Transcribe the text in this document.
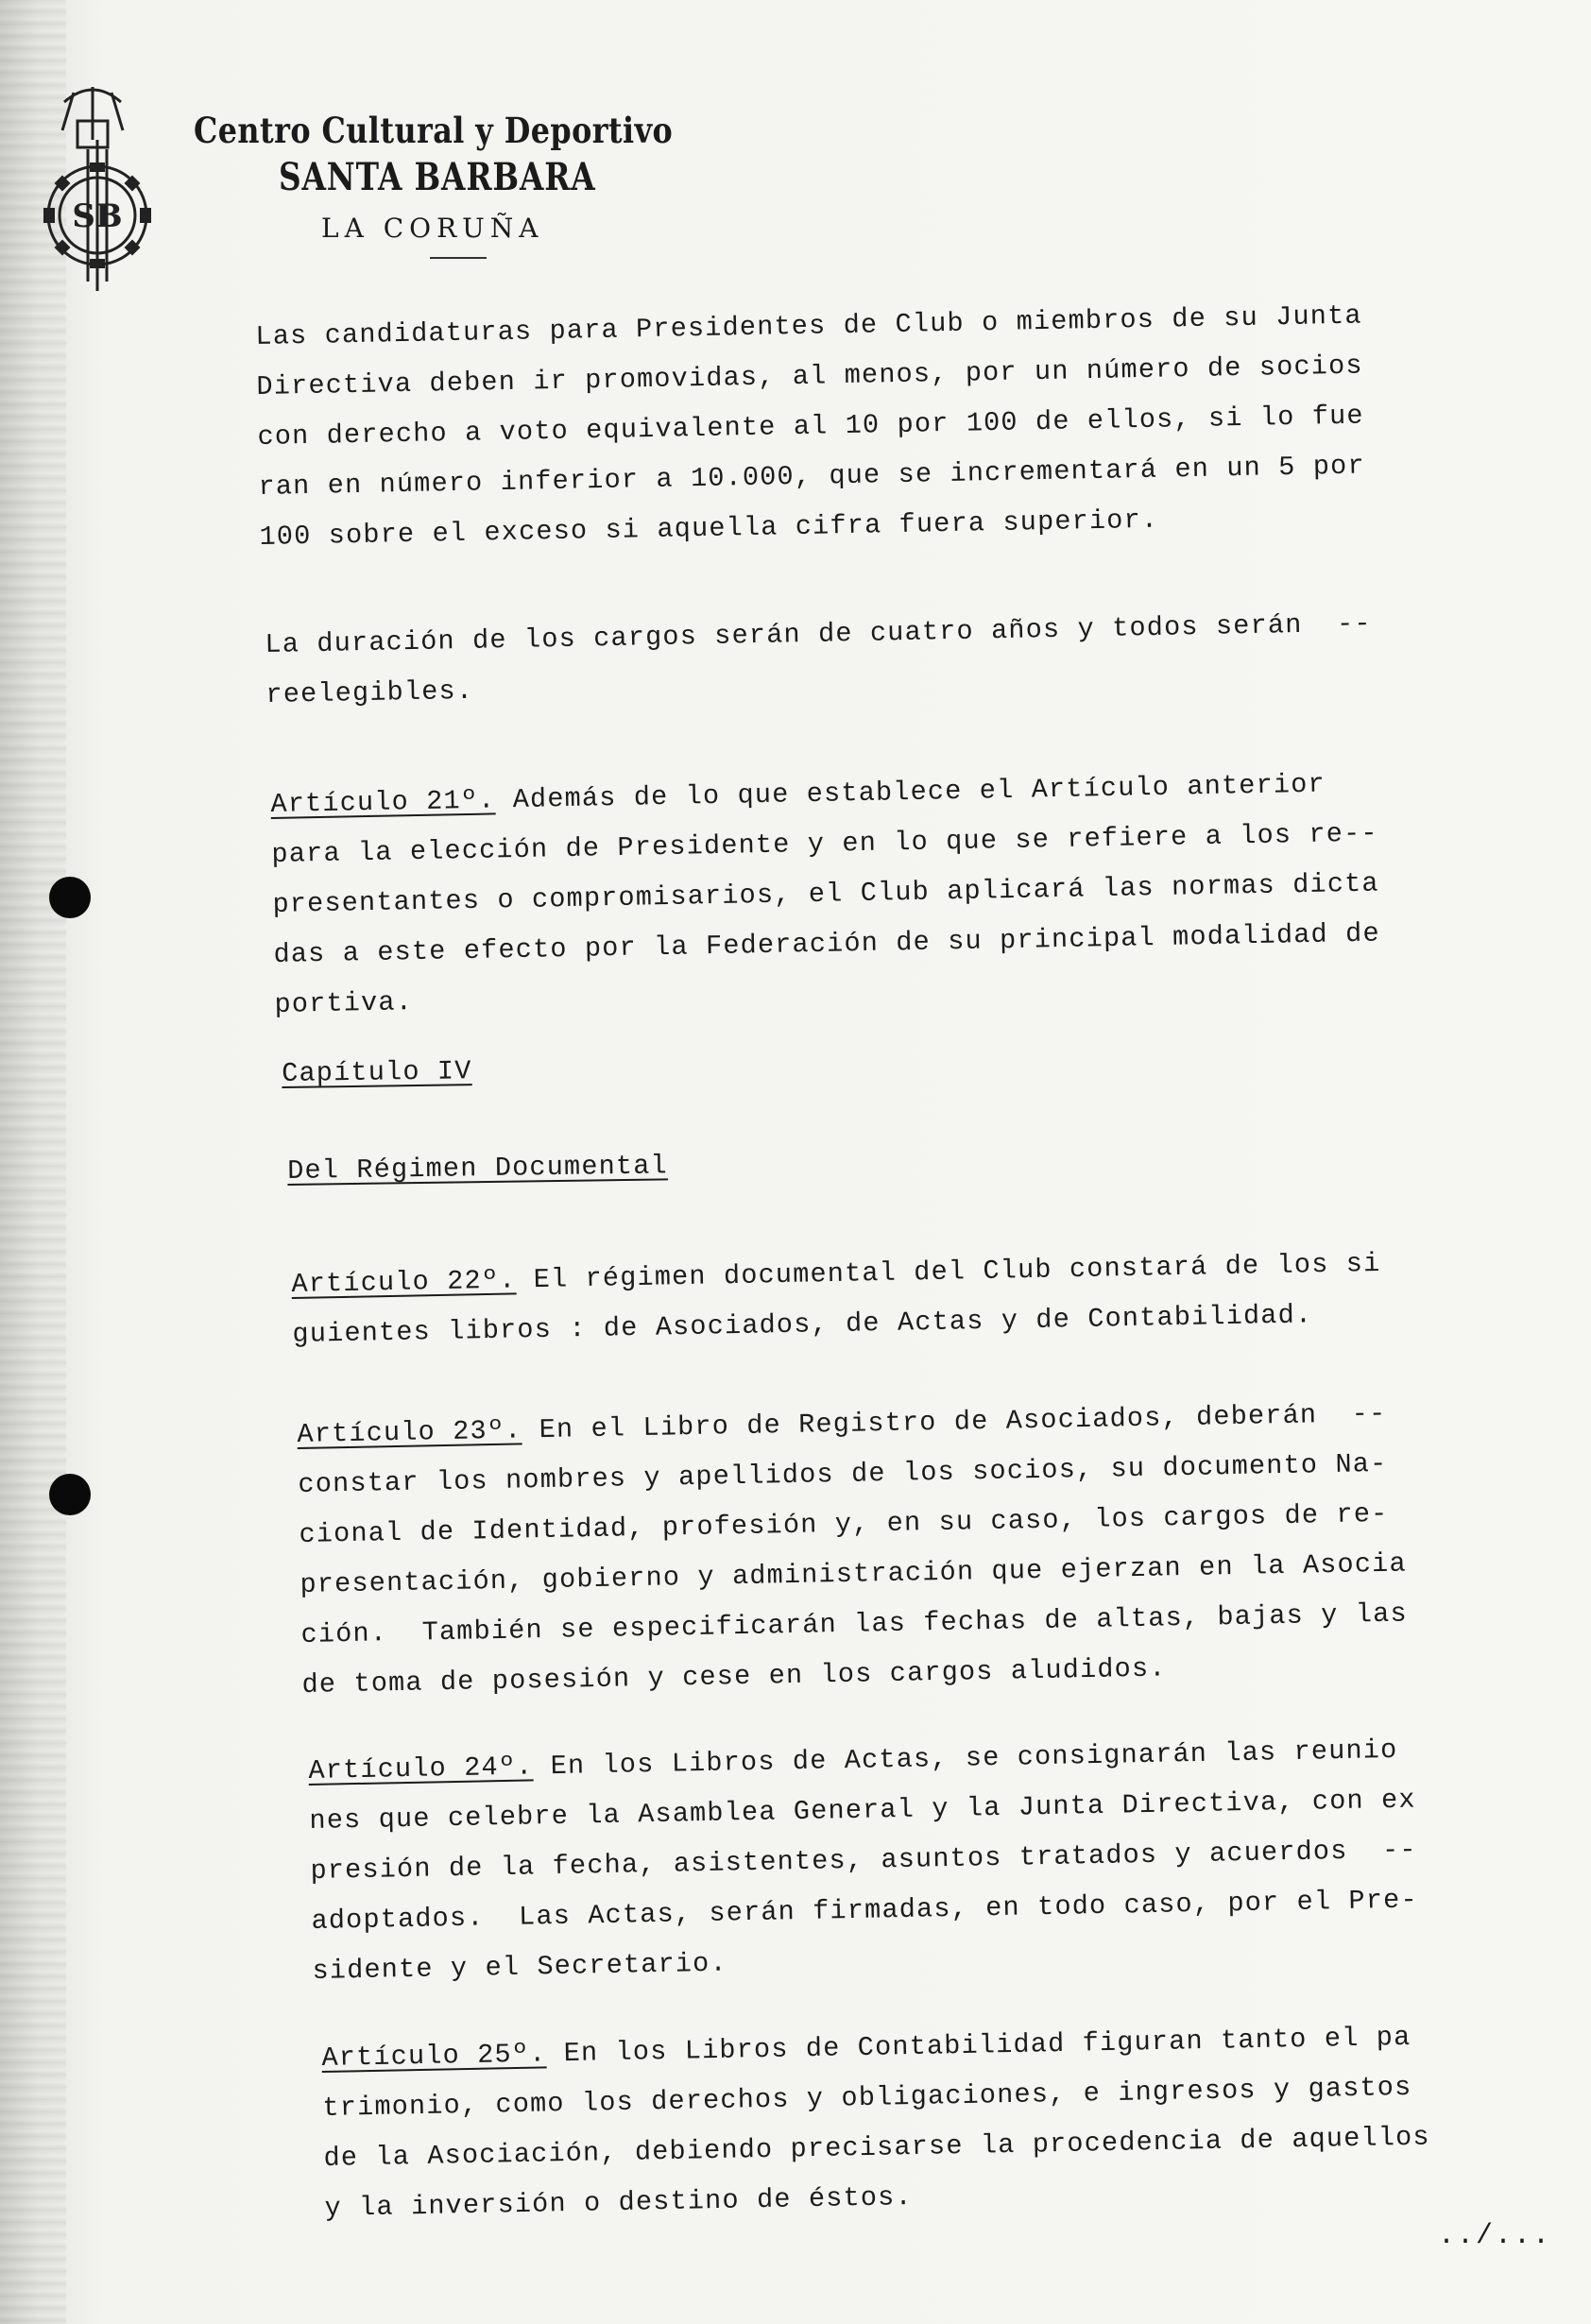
SB
Centro Cultural y Deportivo
SANTA BARBARA
LA CORUÑA
Las candidaturas para Presidentes de Club o miembros de su Junta
Directiva deben ir promovidas, al menos, por un número de socios
con derecho a voto equivalente al 10 por 100 de ellos, si lo fue
ran en número inferior a 10.000, que se incrementará en un 5 por
100 sobre el exceso si aquella cifra fuera superior.
La duración de los cargos serán de cuatro años y todos serán  --
reelegibles.
Artículo 21º. Además de lo que establece el Artículo anterior
para la elección de Presidente y en lo que se refiere a los re--
presentantes o compromisarios, el Club aplicará las normas dicta
das a este efecto por la Federación de su principal modalidad de
portiva.
Capítulo IV
Del Régimen Documental
Artículo 22º. El régimen documental del Club constará de los si
guientes libros : de Asociados, de Actas y de Contabilidad.
Artículo 23º. En el Libro de Registro de Asociados, deberán  --
constar los nombres y apellidos de los socios, su documento Na-
cional de Identidad, profesión y, en su caso, los cargos de re-
presentación, gobierno y administración que ejerzan en la Asocia
ción.  También se especificarán las fechas de altas, bajas y las
de toma de posesión y cese en los cargos aludidos.
Artículo 24º. En los Libros de Actas, se consignarán las reunio
nes que celebre la Asamblea General y la Junta Directiva, con ex
presión de la fecha, asistentes, asuntos tratados y acuerdos  --
adoptados.  Las Actas, serán firmadas, en todo caso, por el Pre-
sidente y el Secretario.
Artículo 25º. En los Libros de Contabilidad figuran tanto el pa
trimonio, como los derechos y obligaciones, e ingresos y gastos
de la Asociación, debiendo precisarse la procedencia de aquellos
y la inversión o destino de éstos.
../...
